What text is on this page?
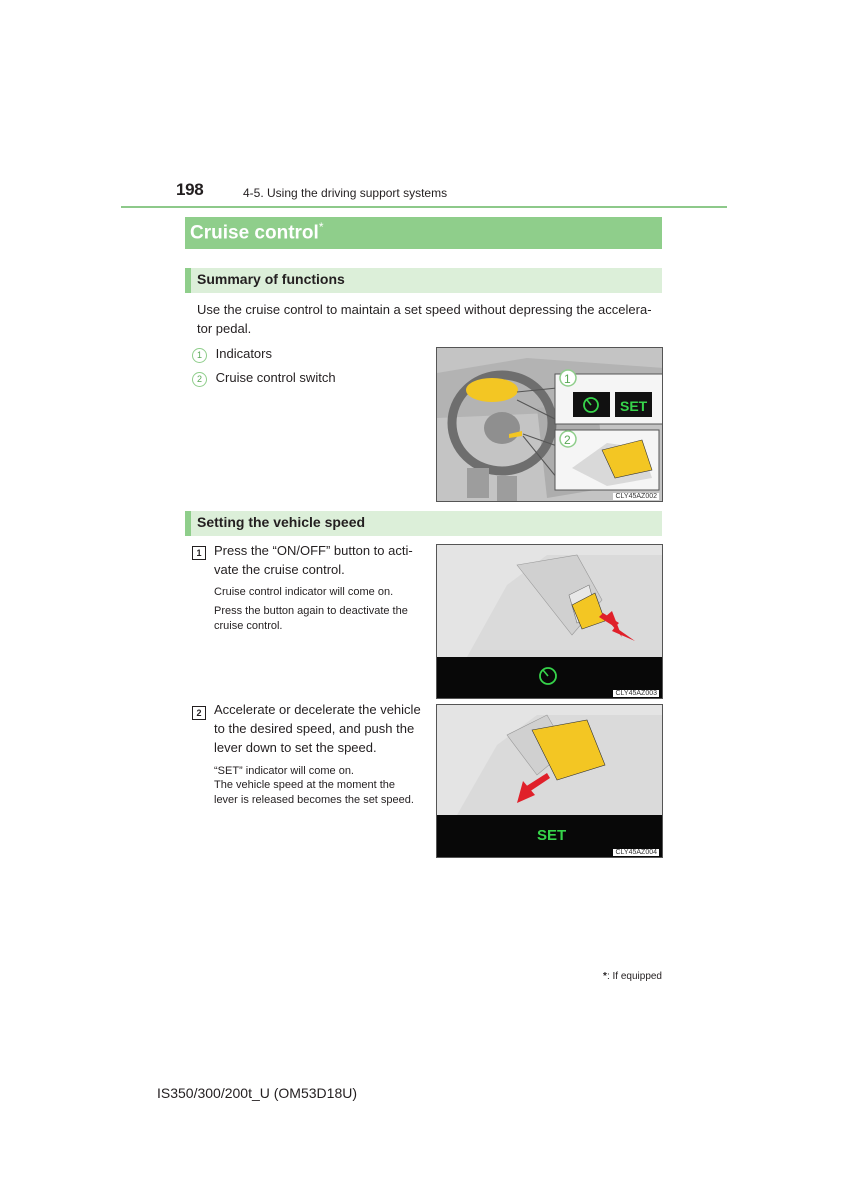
198	4-5. Using the driving support systems
Cruise control*
Summary of functions
Use the cruise control to maintain a set speed without depressing the accelera-
tor pedal.
1 Indicators
2 Cruise control switch
SET
1
2
CLY45AZ002
Setting the vehicle speed
1 Press the “ON/OFF” button to acti-
vate the cruise control.
Cruise control indicator will come on.
Press the button again to deactivate the
cruise control.
CLY45AZ003
2 Accelerate or decelerate the vehicle
to the desired speed, and push the
lever down to set the speed.
“SET” indicator will come on.
The vehicle speed at the moment the
lever is released becomes the set speed.
SET
CLY45AZ004
*: If equipped
IS350/300/200t_U (OM53D18U)
